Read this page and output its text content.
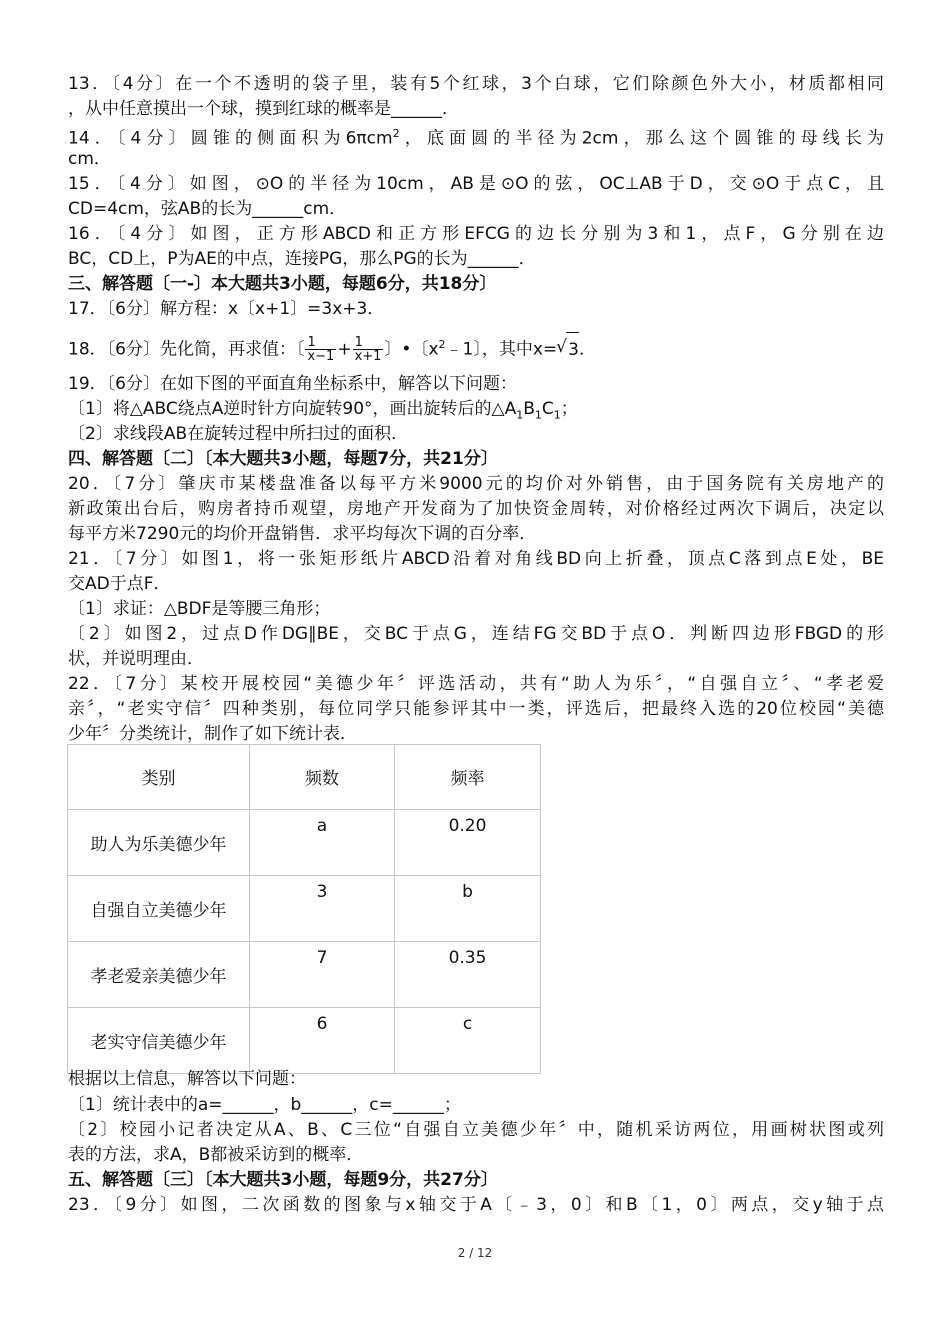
13．〔4分〕在一个不透明的袋子里，装有5个红球，3个白球，它们除颜色外大小，材质都相同
，从中任意摸出一个球，摸到红球的概率是______．
14．〔4分〕圆锥的侧面积为6πcm$^2$，底面圆的半径为2cm，那么这个圆锥的母线长为
cm．
15．〔4分〕如图，⊙O的半径为10cm，AB是⊙O的弦，OC⊥AB于D，交⊙O于点C，且
CD=4cm，弦AB的长为______cm．
16．〔4分〕如图，正方形ABCD和正方形EFCG的边长分别为3和1，点F，G分别在边
BC，CD上，P为AE的中点，连接PG，那么PG的长为______．
三、解答题〔一-〕本大题共3小题，每题6分，共18分〕
17．〔6分〕解方程：x〔x+1〕=3x+3．
18．〔6分〕先化简，再求值：〔 $\frac{1}{x-1} + \frac{1}{x+1}$ 〕•〔$x^2﹣1$〕，其中x= √ 3．
19．〔6分〕在如下图的平面直角坐标系中，解答以下问题：
〔1〕将△ABC绕点A逆时针方向旋转90°，画出旋转后的$\triangle A_1B_1C_1$；
〔2〕求线段AB在旋转过程中所扫过的面积．
四、解答题〔二〕〔本大题共3小题，每题7分，共21分〕
20．〔7分〕肇庆市某楼盘准备以每平方米9000元的均价对外销售，由于国务院有关房地产的
新政策出台后，购房者持币观望，房地产开发商为了加快资金周转，对价格经过两次下调后，决定以
每平方米7290元的均价开盘销售．求平均每次下调的百分率．
21．〔7分〕如图1，将一张矩形纸片ABCD沿着对角线BD向上折叠，顶点C落到点E处，BE
交AD于点F．
〔1〕求证：△BDF是等腰三角形；
〔2〕如图2，过点D作DG∥BE，交BC于点G，连结FG交BD于点O．判断四边形FBGD的形
状，并说明理由．
22．〔7分〕某校开展校园“美德少年〞评选活动，共有“助人为乐〞，“自强自立〞、“孝老爱
亲〞，“老实守信〞四种类别，每位同学只能参评其中一类，评选后，把最终入选的20位校园“美德
少年〞分类统计，制作了如下统计表．
类别	频数	频率
助人为乐美德少年	a	0.20
自强自立美德少年	3	b
孝老爱亲美德少年	7	0.35
老实守信美德少年	6	c
根据以上信息，解答以下问题：
〔1〕统计表中的a=______，b______，c=______；
〔2〕校园小记者决定从A、B、C三位“自强自立美德少年〞中，随机采访两位，用画树状图或列
表的方法，求A，B都被采访到的概率．
五、解答题〔三〕〔本大题共3小题，每题9分，共27分〕
23．〔9分〕如图，二次函数的图象与x轴交于A〔﹣3，0〕和B〔1，0〕两点，交y轴于点
2 / 12
